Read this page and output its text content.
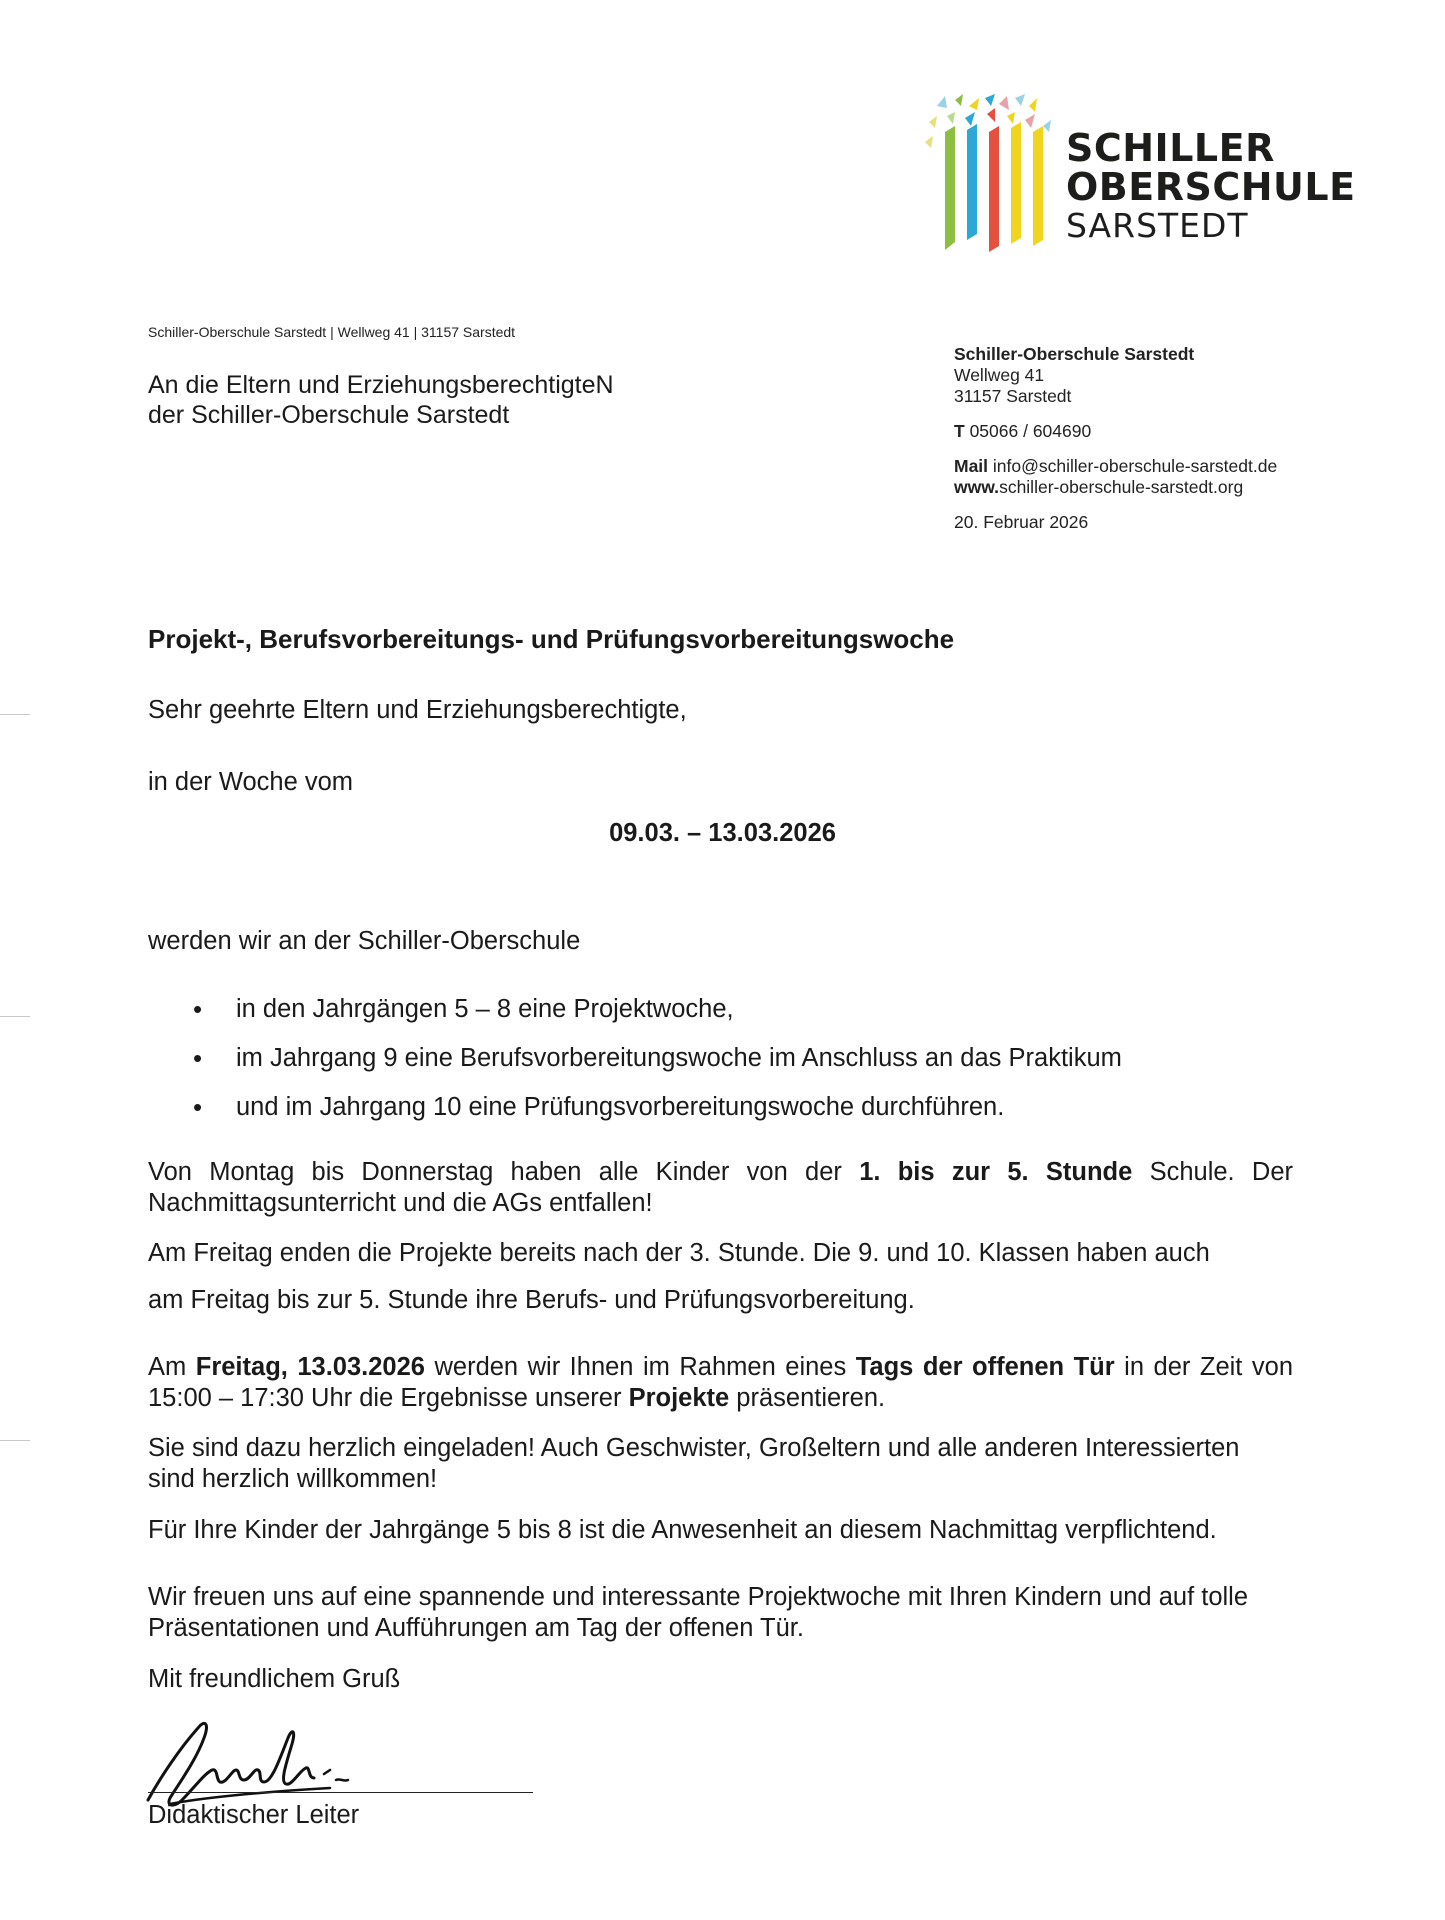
SCHILLER
OBERSCHULE
SARSTEDT
Schiller-Oberschule Sarstedt | Wellweg 41 | 31157 Sarstedt
An die Eltern und ErziehungsberechtigteN
der Schiller-Oberschule Sarstedt
Schiller-Oberschule Sarstedt
Wellweg 41
31157 Sarstedt
T 05066 / 604690
Mail info@schiller-oberschule-sarstedt.de
www.schiller-oberschule-sarstedt.org
20. Februar 2026
Projekt-, Berufsvorbereitungs- und Prüfungsvorbereitungswoche
Sehr geehrte Eltern und Erziehungsberechtigte,
in der Woche vom
09.03. – 13.03.2026
werden wir an der Schiller-Oberschule
• in den Jahrgängen 5 – 8 eine Projektwoche,
• im Jahrgang 9 eine Berufsvorbereitungswoche im Anschluss an das Praktikum
• und im Jahrgang 10 eine Prüfungsvorbereitungswoche durchführen.
Von Montag bis Donnerstag haben alle Kinder von der 1. bis zur 5. Stunde Schule. Der Nachmittagsunterricht und die AGs entfallen!
Am Freitag enden die Projekte bereits nach der 3. Stunde. Die 9. und 10. Klassen haben auch
am Freitag bis zur 5. Stunde ihre Berufs- und Prüfungsvorbereitung.
Am Freitag, 13.03.2026 werden wir Ihnen im Rahmen eines Tags der offenen Tür in der Zeit von 15:00 – 17:30 Uhr die Ergebnisse unserer Projekte präsentieren.
Sie sind dazu herzlich eingeladen! Auch Geschwister, Großeltern und alle anderen Interessierten sind herzlich willkommen!
Für Ihre Kinder der Jahrgänge 5 bis 8 ist die Anwesenheit an diesem Nachmittag verpflichtend.
Wir freuen uns auf eine spannende und interessante Projektwoche mit Ihren Kindern und auf tolle Präsentationen und Aufführungen am Tag der offenen Tür.
Mit freundlichem Gruß
Didaktischer Leiter
